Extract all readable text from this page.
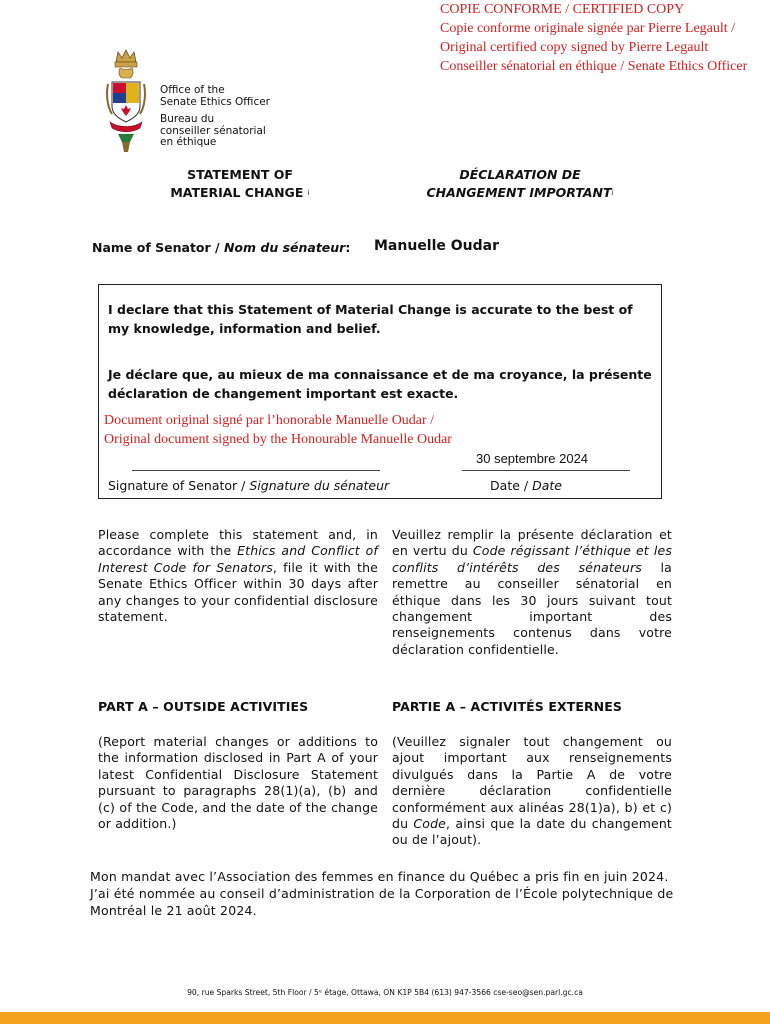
COPIE CONFORME / CERTIFIED COPY
Copie conforme originale signée par Pierre Legault /
Original certified copy signed by Pierre Legault
Conseiller sénatorial en éthique / Senate Ethics Officer
Office of the
Senate Ethics Officer
Bureau du
conseiller sénatorial
en éthique
STATEMENT OF
MATERIAL CHANGE $^i$
DÉCLARATION DE
CHANGEMENT IMPORTANT$^i$
Name of Senator / Nom du sénateur: Manuelle Oudar
I declare that this Statement of Material Change is accurate to the best of my knowledge, information and belief.
Je déclare que, au mieux de ma connaissance et de ma croyance, la présente déclaration de changement important est exacte.
Document original signé par l’honorable Manuelle Oudar /
Original document signed by the Honourable Manuelle Oudar
30 septembre 2024
Signature of Senator / Signature du sénateur	Date / Date
Please complete this statement and, in accordance with the Ethics and Conflict of Interest Code for Senators, file it with the Senate Ethics Officer within 30 days after any changes to your confidential disclosure statement.
Veuillez remplir la présente déclaration et en vertu du Code régissant l’éthique et les conflits d’intérêts des sénateurs la remettre au conseiller sénatorial en éthique dans les 30 jours suivant tout changement important des renseignements contenus dans votre déclaration confidentielle.
PART A – OUTSIDE ACTIVITIES	PARTIE A – ACTIVITÉS EXTERNES
(Report material changes or additions to the information disclosed in Part A of your latest Confidential Disclosure Statement pursuant to paragraphs 28(1)(a), (b) and (c) of the Code, and the date of the change or addition.)
(Veuillez signaler tout changement ou ajout important aux renseignements divulgués dans la Partie A de votre dernière déclaration confidentielle conformément aux alinéas 28(1)a), b) et c) du Code, ainsi que la date du changement ou de l’ajout).
Mon mandat avec l’Association des femmes en finance du Québec a pris fin en juin 2024. J’ai été nommée au conseil d’administration de la Corporation de l’École polytechnique de Montréal le 21 août 2024.
90, rue Sparks Street, 5th Floor / 5ᵉ étage, Ottawa, ON K1P 5B4 (613) 947-3566 cse-seo@sen.parl.gc.ca
